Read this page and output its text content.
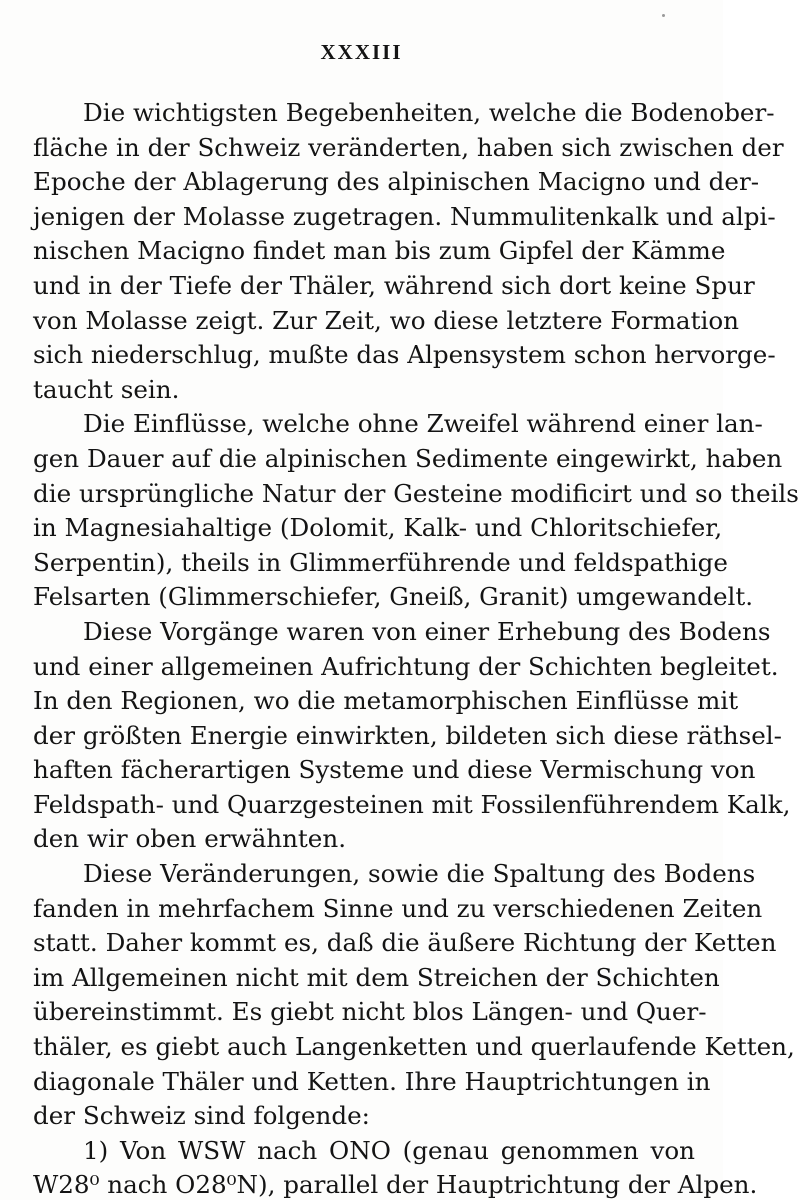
XXXIII
Die wichtigsten Begebenheiten, welche die Bodenober-
fläche in der Schweiz veränderten, haben sich zwischen der
Epoche der Ablagerung des alpinischen Macigno und der-
jenigen der Molasse zugetragen. Nummulitenkalk und alpi-
nischen Macigno findet man bis zum Gipfel der Kämme
und in der Tiefe der Thäler, während sich dort keine Spur
von Molasse zeigt. Zur Zeit, wo diese letztere Formation
sich niederschlug, mußte das Alpensystem schon hervorge-
taucht sein.
Die Einflüsse, welche ohne Zweifel während einer lan-
gen Dauer auf die alpinischen Sedimente eingewirkt, haben
die ursprüngliche Natur der Gesteine modificirt und so theils
in Magnesiahaltige (Dolomit, Kalk- und Chloritschiefer,
Serpentin), theils in Glimmerführende und feldspathige
Felsarten (Glimmerschiefer, Gneiß, Granit) umgewandelt.
Diese Vorgänge waren von einer Erhebung des Bodens
und einer allgemeinen Aufrichtung der Schichten begleitet.
In den Regionen, wo die metamorphischen Einflüsse mit
der größten Energie einwirkten, bildeten sich diese räthsel-
haften fächerartigen Systeme und diese Vermischung von
Feldspath- und Quarzgesteinen mit Fossilenführendem Kalk,
den wir oben erwähnten.
Diese Veränderungen, sowie die Spaltung des Bodens
fanden in mehrfachem Sinne und zu verschiedenen Zeiten
statt. Daher kommt es, daß die äußere Richtung der Ketten
im Allgemeinen nicht mit dem Streichen der Schichten
übereinstimmt. Es giebt nicht blos Längen- und Quer-
thäler, es giebt auch Langenketten und querlaufende Ketten,
diagonale Thäler und Ketten. Ihre Hauptrichtungen in
der Schweiz sind folgende:
1) Von WSW nach ONO (genau genommen von
W28⁰ nach O28⁰N), parallel der Hauptrichtung der Alpen.
